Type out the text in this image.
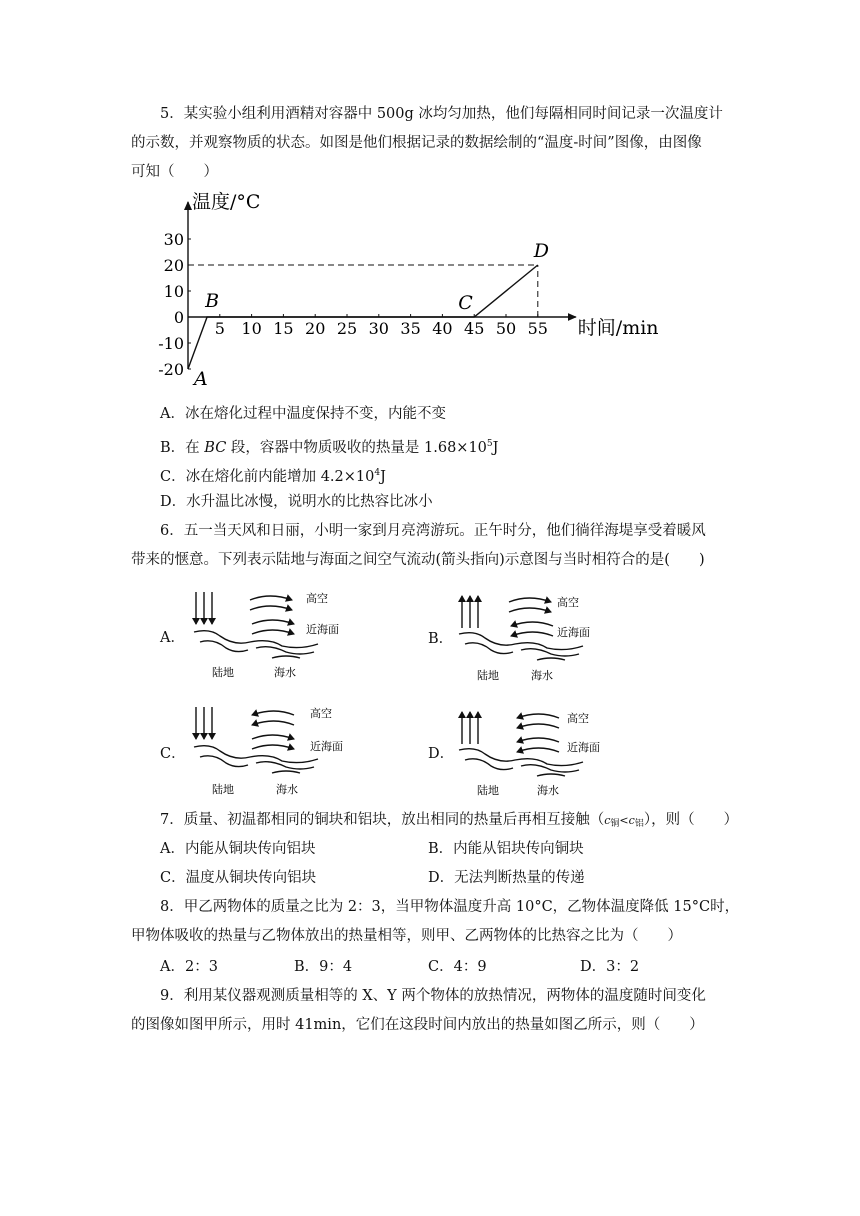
5．某实验小组利用酒精对容器中 500g 冰均匀加热，他们每隔相同时间记录一次温度计
的示数，并观察物质的状态。如图是他们根据记录的数据绘制的“温度-时间”图像，由图像
可知（　　）
温度/°C
时间/min
5 10 15 20 25 30 35 40 45 50 55
30
20
10
0
-10
-20 A
B	C
D
A．冰在熔化过程中温度保持不变，内能不变
B．在 BC 段，容器中物质吸收的热量是 $1.68\times 10^5J$
C．冰在熔化前内能增加 $4.2\times 10^4J$
D．水升温比冰慢，说明水的比热容比冰小
6．五一当天风和日丽，小明一家到月亮湾游玩。正午时分，他们徜徉海堤享受着暖风
带来的惬意。下列表示陆地与海面之间空气流动(箭头指向)示意图与当时相符合的是(　　)
A．	B．
C．	D．
高空
近海面
陆地	海水
高空
近海面
陆地	海水
高空
近海面
陆地	海水
高空
近海面
陆地	海水
7．质量、初温都相同的铜块和铝块，放出相同的热量后再相互接触$(c_铜<c_铝)$，则（　　）
A．内能从铜块传向铝块	B．内能从铝块传向铜块
C．温度从铜块传向铝块	D．无法判断热量的传递
8．甲乙两物体的质量之比为 2：3，当甲物体温度升高 10°C，乙物体温度降低 15°C时，
甲物体吸收的热量与乙物体放出的热量相等，则甲、乙两物体的比热容之比为（　　）
A．2：3	B．9：4	C．4：9	D．3：2
9．利用某仪器观测质量相等的 X、Y 两个物体的放热情况，两物体的温度随时间变化
的图像如图甲所示，用时 41min，它们在这段时间内放出的热量如图乙所示，则（　　）
